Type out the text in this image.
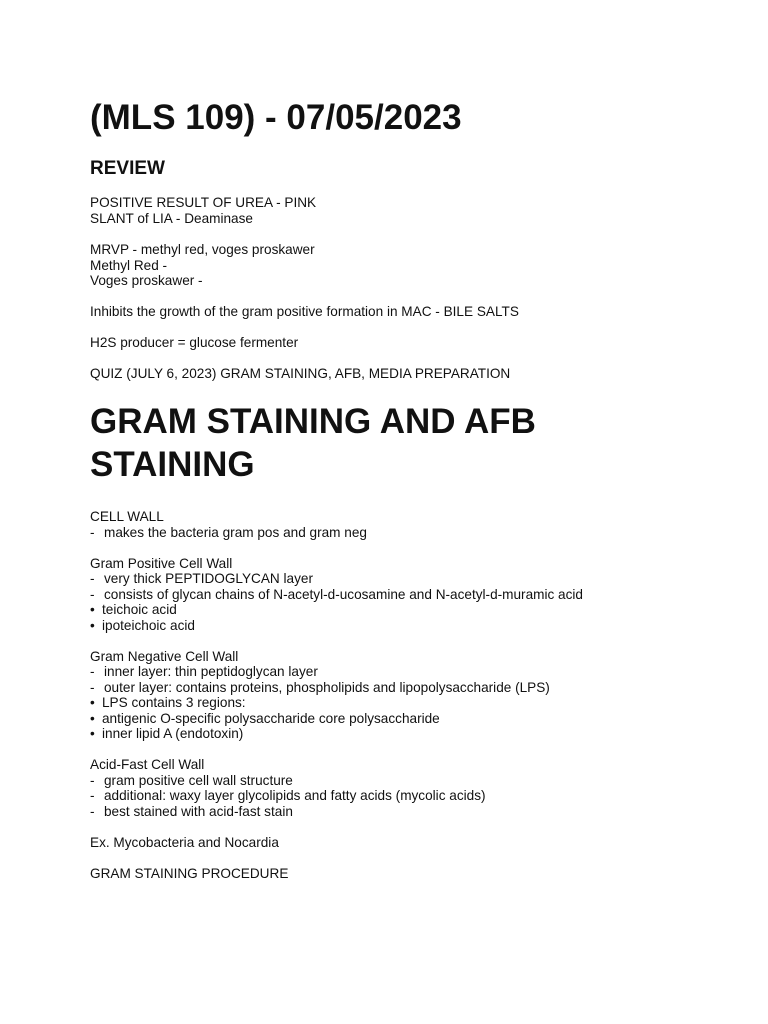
(MLS 109) - 07/05/2023
REVIEW
POSITIVE RESULT OF UREA - PINK
SLANT of LIA - Deaminase
MRVP - methyl red, voges proskawer
Methyl Red -
Voges proskawer -
Inhibits the growth of the gram positive formation in MAC - BILE SALTS
H2S producer = glucose fermenter
QUIZ (JULY 6, 2023) GRAM STAINING, AFB, MEDIA PREPARATION
GRAM STAINING AND AFB
STAINING
CELL WALL
- makes the bacteria gram pos and gram neg
Gram Positive Cell Wall
- very thick PEPTIDOGLYCAN layer
- consists of glycan chains of N-acetyl-d-ucosamine and N-acetyl-d-muramic acid
• teichoic acid
• ipoteichoic acid
Gram Negative Cell Wall
- inner layer: thin peptidoglycan layer
- outer layer: contains proteins, phospholipids and lipopolysaccharide (LPS)
• LPS contains 3 regions:
• antigenic O-specific polysaccharide core polysaccharide
• inner lipid A (endotoxin)
Acid-Fast Cell Wall
- gram positive cell wall structure
- additional: waxy layer glycolipids and fatty acids (mycolic acids)
- best stained with acid-fast stain
Ex. Mycobacteria and Nocardia
GRAM STAINING PROCEDURE
